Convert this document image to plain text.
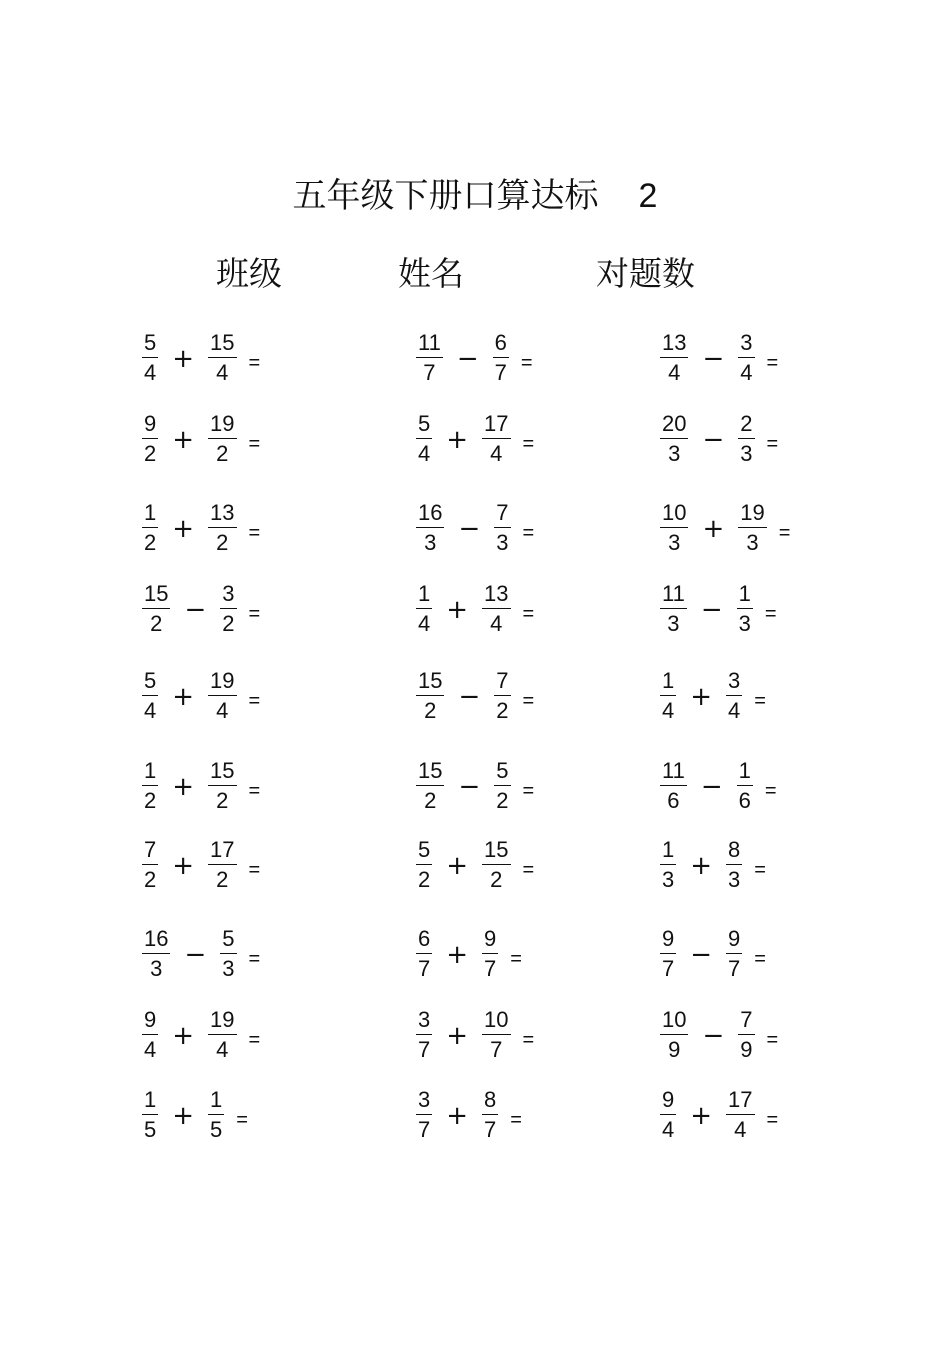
五年级下册口算达标 2
班级	姓名	对题数
$\frac{5}{4} + \frac{15}{4}$ =
$\frac{9}{2} + \frac{19}{2}$ =
$\frac{1}{2} + \frac{13}{2}$ =
$\frac{15}{2} - \frac{3}{2}$ =
$\frac{5}{4} + \frac{19}{4}$ =
$\frac{1}{2} + \frac{15}{2}$ =
$\frac{7}{2} + \frac{17}{2}$ =
$\frac{16}{3} - \frac{5}{3}$ =
$\frac{9}{4} + \frac{19}{4}$ =
$\frac{1}{5} + \frac{1}{5}$ =
$\frac{11}{7} - \frac{6}{7}$ =
$\frac{5}{4} + \frac{17}{4}$ =
$\frac{16}{3} - \frac{7}{3}$ =
$\frac{1}{4} + \frac{13}{4}$ =
$\frac{15}{2} - \frac{7}{2}$ =
$\frac{15}{2} - \frac{5}{2}$ =
$\frac{5}{2} + \frac{15}{2}$ =
$\frac{6}{7} + \frac{9}{7}$ =
$\frac{3}{7} + \frac{10}{7}$ =
$\frac{3}{7} + \frac{8}{7}$ =
$\frac{13}{4} - \frac{3}{4}$ =
$\frac{20}{3} - \frac{2}{3}$ =
$\frac{10}{3} + \frac{19}{3}$ =
$\frac{11}{3} - \frac{1}{3}$ =
$\frac{1}{4} + \frac{3}{4}$ =
$\frac{11}{6} - \frac{1}{6}$ =
$\frac{1}{3} + \frac{8}{3}$ =
$\frac{9}{7} - \frac{9}{7}$ =
$\frac{10}{9} - \frac{7}{9}$ =
$\frac{9}{4} + \frac{17}{4}$ =
